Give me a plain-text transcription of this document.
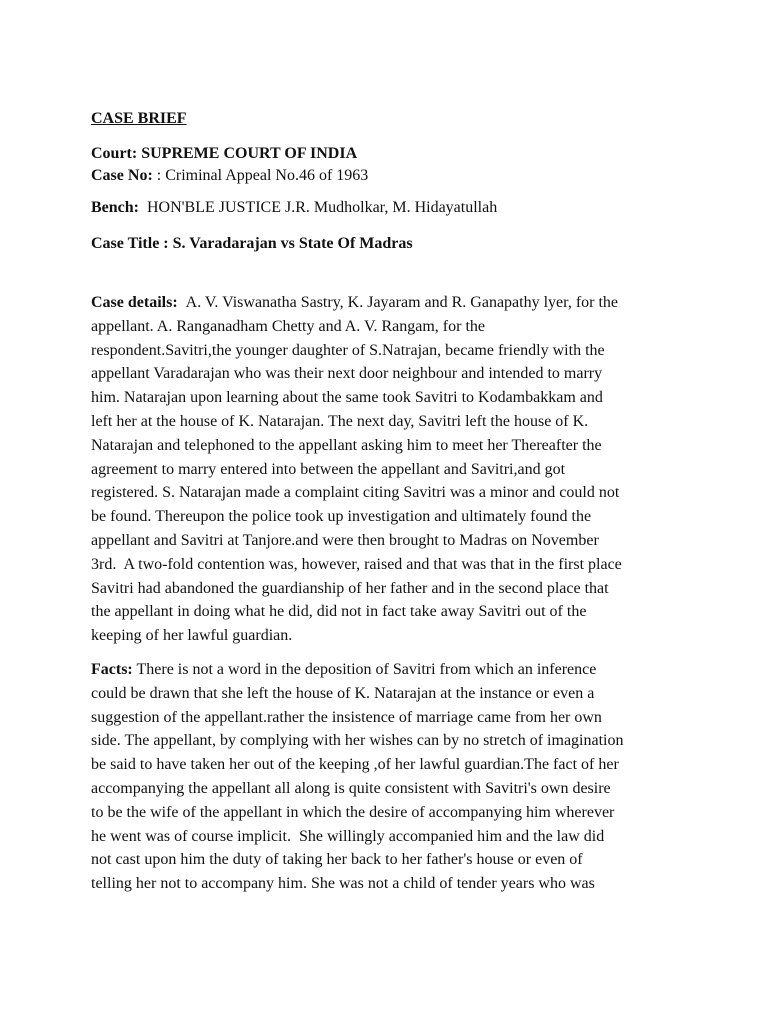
CASE BRIEF
Court: SUPREME COURT OF INDIA
Case No: : Criminal Appeal No.46 of 1963
Bench: HON'BLE JUSTICE J.R. Mudholkar, M. Hidayatullah
Case Title : S. Varadarajan vs State Of Madras
Case details: A. V. Viswanatha Sastry, K. Jayaram and R. Ganapathy lyer, for the
appellant. A. Ranganadham Chetty and A. V. Rangam, for the
respondent.Savitri,the younger daughter of S.Natrajan, became friendly with the
appellant Varadarajan who was their next door neighbour and intended to marry
him. Natarajan upon learning about the same took Savitri to Kodambakkam and
left her at the house of K. Natarajan. The next day, Savitri left the house of K.
Natarajan and telephoned to the appellant asking him to meet her Thereafter the
agreement to marry entered into between the appellant and Savitri,and got
registered. S. Natarajan made a complaint citing Savitri was a minor and could not
be found. Thereupon the police took up investigation and ultimately found the
appellant and Savitri at Tanjore.and were then brought to Madras on November
3rd.  A two-fold contention was, however, raised and that was that in the first place
Savitri had abandoned the guardianship of her father and in the second place that
the appellant in doing what he did, did not in fact take away Savitri out of the
keeping of her lawful guardian.
Facts: There is not a word in the deposition of Savitri from which an inference
could be drawn that she left the house of K. Natarajan at the instance or even a
suggestion of the appellant.rather the insistence of marriage came from her own
side. The appellant, by complying with her wishes can by no stretch of imagination
be said to have taken her out of the keeping ,of her lawful guardian.The fact of her
accompanying the appellant all along is quite consistent with Savitri's own desire
to be the wife of the appellant in which the desire of accompanying him wherever
he went was of course implicit.  She willingly accompanied him and the law did
not cast upon him the duty of taking her back to her father's house or even of
telling her not to accompany him. She was not a child of tender years who was
